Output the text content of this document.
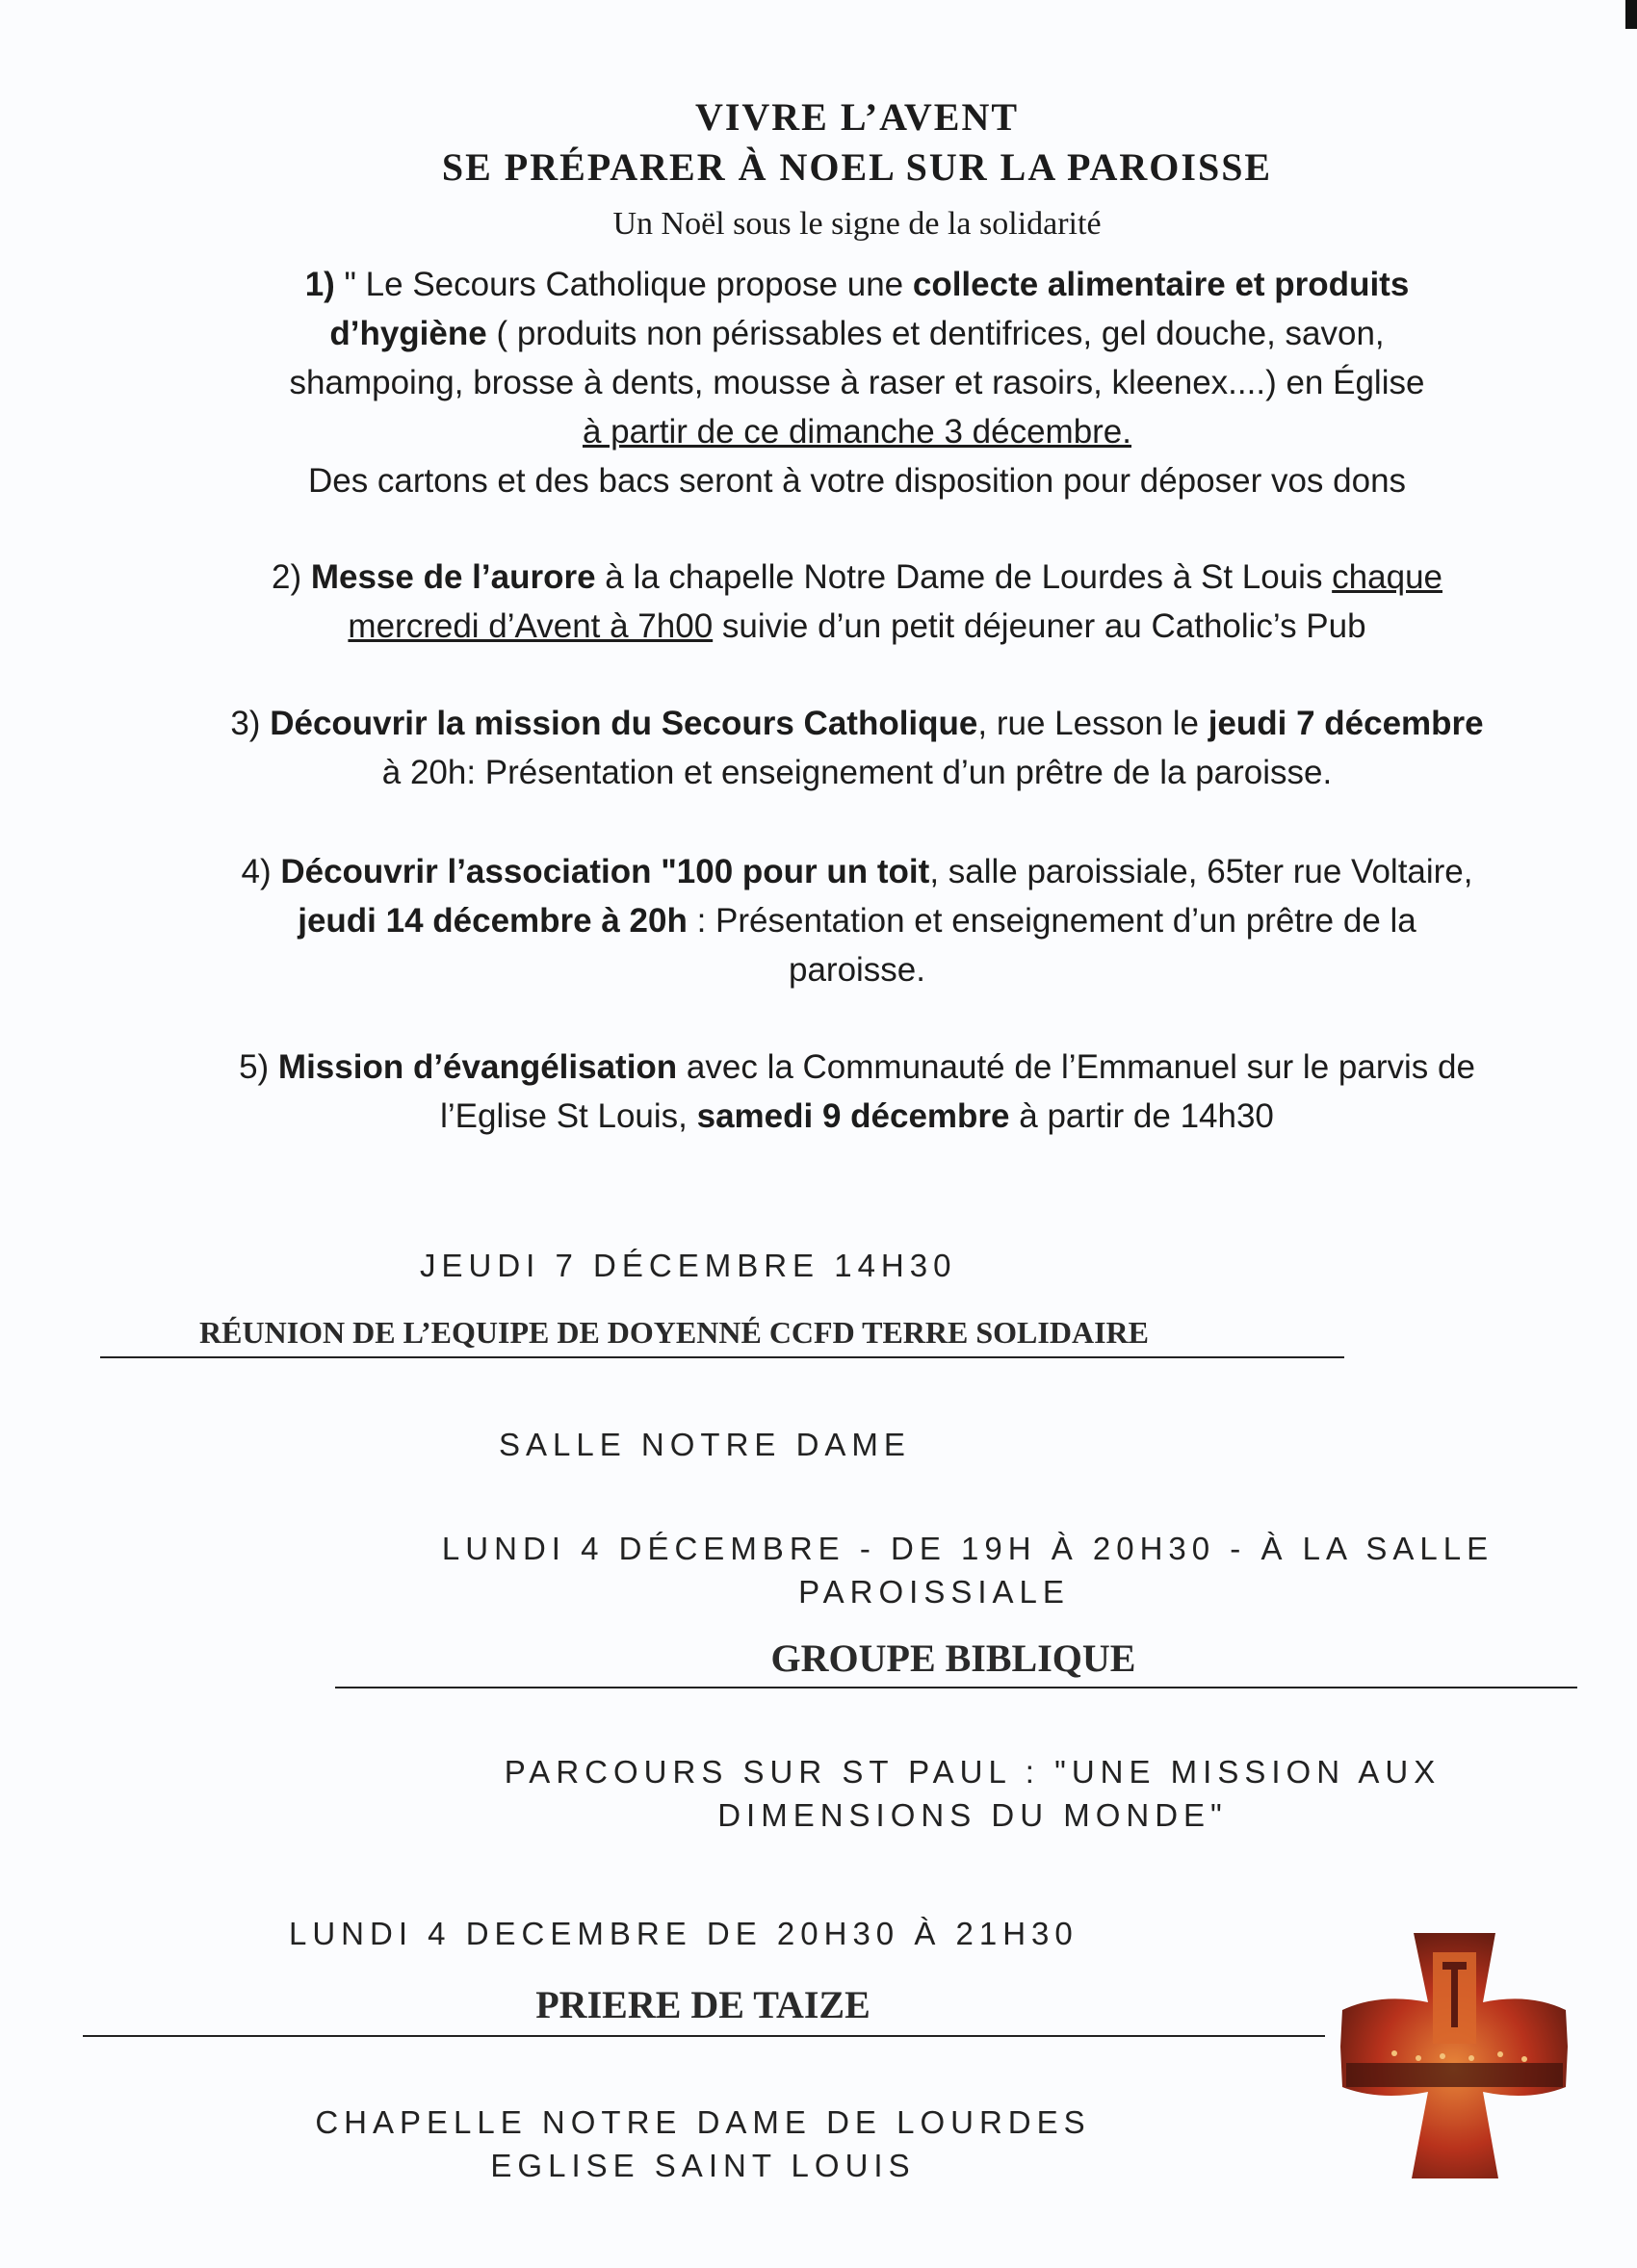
VIVRE L’AVENT
SE PRÉPARER À NOEL SUR LA PAROISSE
Un Noël sous le signe de la solidarité
1) " Le Secours Catholique propose une collecte alimentaire et produits
d’hygiène ( produits non périssables et dentifrices, gel douche, savon,
shampoing, brosse à dents, mousse à raser et rasoirs, kleenex....) en Église
à partir de ce dimanche 3 décembre.
Des cartons et des bacs seront à votre disposition pour déposer vos dons
2) Messe de l’aurore à la chapelle Notre Dame de Lourdes à St Louis chaque
mercredi d’Avent à 7h00 suivie d’un petit déjeuner au Catholic’s Pub
3) Découvrir la mission du Secours Catholique, rue Lesson le jeudi 7 décembre
à 20h: Présentation et enseignement d’un prêtre de la paroisse.
4) Découvrir l’association "100 pour un toit, salle paroissiale, 65ter rue Voltaire,
jeudi 14 décembre à 20h : Présentation et enseignement d’un prêtre de la
paroisse.
5) Mission d’évangélisation avec la Communauté de l’Emmanuel sur le parvis de
l’Eglise St Louis, samedi 9 décembre à partir de 14h30
JEUDI 7 DÉCEMBRE 14H30
RÉUNION DE L’EQUIPE DE DOYENNÉ CCFD TERRE SOLIDAIRE
SALLE NOTRE DAME
LUNDI 4 DÉCEMBRE - DE 19H À 20H30 - À LA SALLE
PAROISSIALE
GROUPE BIBLIQUE
PARCOURS SUR ST PAUL : "UNE MISSION AUX
DIMENSIONS DU MONDE"
LUNDI 4 DECEMBRE DE 20H30 À 21H30
PRIERE DE TAIZE
CHAPELLE NOTRE DAME DE LOURDES
EGLISE SAINT LOUIS
